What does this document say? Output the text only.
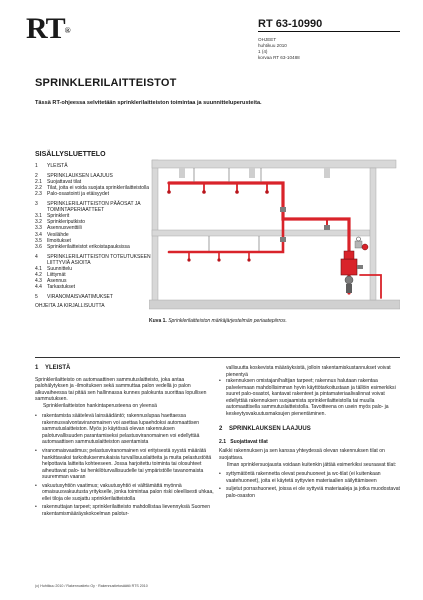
RT®
RT 63-10990
OHJEET
huhtikuu 2010
1 (4)
korvaa RT 63-10488
SPRINKLERILAITTEISTOT
Tässä RT-ohjeessa selvitetään sprinklerilaitteiston toimintaa ja suunnitteluperusteita.
SISÄLLYSLUETTELO
1	YLEISTÄ
2	SPRINKLAUKSEN LAAJUUS
2.1	Suojattavat tilat
2.2	Tilat, joita ei voida suojata sprinklerilaitteistolla
2.3	Palo-osastointi ja etäisyydet
3	SPRINKLERILAITTEISTON PÄÄOSAT JA TOIMINTAPERIAATTEET
3.1	Sprinklerit
3.2	Sprinkleriputkisto
3.3	Asennusventtiili
3.4	Vesilähde
3.5	Ilmoitukset
3.6	Sprinklerilaitteistot erikoistapauksissa
4	SPRINKLERILAITTEISTON TOTEUTUKSEEN LIITTYVIÄ ASIOITA
4.1	Suunnittelu
4.2	Liittymät
4.3	Asennus
4.4	Tarkastukset
5	VIRANOMAISVAATIMUKSET
OHJEITA JA KIRJALLISUUTTA
Kuva 1. Sprinklerilaitteiston märkäjärjestelmän periaatepiirros.
1 YLEISTÄ

Sprinklerilaitteisto on automaattinen sammutuslaitteisto, joka antaa palohälytyksen ja -ilmoituksen sekä sammuttaa palon vedellä jo palon alkuvaiheessa tai pitää sen hallinnassa kunnes palokunta suorittaa lopullisen sammutuksen.

Sprinklerilaitteiston hankintaperusteena on yleensä

• rakentamista säätelevä lainsäädäntö; rakennuslupaa haettaessa rakennusvalvontaviranomainen voi asettaa lupaehdoksi automaattisen sammutuslaitteiston. Myös jo käytössä olevan rakennuksen paloturvallisuuden parantamiseksi pelastusviranomainen voi edellyttää automaattisen sammutuslaitteiston asentamista
• viranomaisvaatimus; pelastusviranomainen voi erityisestä syystä määrätä hankittavaksi tarkoituksenmukaisia turvallisuuslaitteita ja muita pelastustöitä helpottavia laitteita kohteeseen. Jossa harjoitettu toiminta tai olosuhteet aiheuttavat palo- tai henkilöturvallisuudelle tai ympäristölle tavanomaista suuremman vaaran
• vakuutusyhtiön vaatimus; vakuutusyhtiö ei välttämättä myönnä omaisuusvakuutusta yritykselle, jonka toimintaa palon riski oleellisesti uhkaa, ellei tiloja ole suojattu sprinklerilaitteistolla
• rakennuttajan tarpeet; sprinklerilaitteisto mahdollistaa lievennyksiä Suomen rakentamismääräyskokoelman palotur-

vallisuutta koskevista määräyksistä, jolloin rakentamiskustannukset voivat pienentyä

• rakennuksen omistajan/haltijan tarpeet; rakennus halutaan rakentaa palvelemaan mahdollisimman hyvin käyttötarkoitustaan ja tällöin esimerkiksi suuret palo-osastot, kantavat rakenteet ja pintamateriaalivalinnat voivat edellyttää rakennuksen suojaamista sprinklerilaitteistolla tai muulla automaattisella sammutuslaitteistolla. Tavoitteena on usein myös palo- ja keskeytysvakuutusmaksujen pienentäminen.
2 SPRINKLAUKSEN LAAJUUS
2.1 Suojattavat tilat

Kaikki rakennuksen ja sen kanssa yhteydessä olevan rakennuksen tilat on suojattava.

Ilman sprinklersuojausta voidaan kuitenkin jättää esimerkiksi seuraavat tilat:

• syttymätöntä rakennetta olevat pesuhuoneet ja wc-tilat (ei kuitenkaan vaatehuoneet), joita ei käytetä syttyvien materiaalien säilyttämiseen
• suljetut porrashuoneet, joissa ei ole syttyviä materiaaleja ja jotka muodostavat palo-osaston
(c) Huhtikuu 2010 / Rakennustieto Oy · Rakennustietosäätiö RTS 2010
